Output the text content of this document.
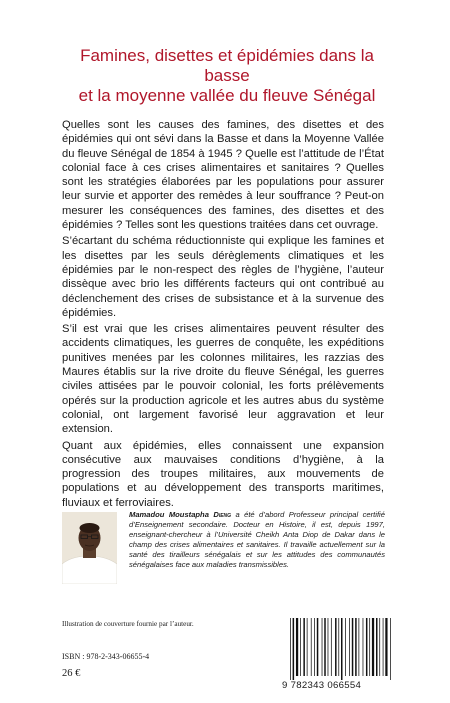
Famines, disettes et épidémies dans la basse
et la moyenne vallée du fleuve Sénégal

Quelles sont les causes des famines, des disettes et des épidémies qui ont sévi dans la Basse et dans la Moyenne Vallée du fleuve Sénégal de 1854 à 1945 ? Quelle est l’attitude de l’État colonial face à ces crises alimentaires et sanitaires ? Quelles sont les stratégies élaborées par les populations pour assurer leur survie et apporter des remèdes à leur souffrance ? Peut-on mesurer les conséquences des famines, des disettes et des épidémies ? Telles sont les questions traitées dans cet ouvrage.

S’écartant du schéma réductionniste qui explique les famines et les disettes par les seuls dérèglements climatiques et les épidémies par le non-respect des règles de l’hygiène, l’auteur dissèque avec brio les différents facteurs qui ont contribué au déclenchement des crises de subsistance et à la survenue des épidémies.

S’il est vrai que les crises alimentaires peuvent résulter des accidents climatiques, les guerres de conquête, les expéditions punitives menées par les colonnes militaires, les razzias des Maures établis sur la rive droite du fleuve Sénégal, les guerres civiles attisées par le pouvoir colonial, les forts prélèvements opérés sur la production agricole et les autres abus du système colonial, ont largement favorisé leur aggravation et leur extension.

Quant aux épidémies, elles connaissent une expansion consécutive aux mauvaises conditions d’hygiène, à la progression des troupes militaires, aux mouvements de populations et au développement des transports maritimes, fluviaux et ferroviaires.

Mamadou Moustapha Dieng a été d’abord Professeur principal certifié d’Enseignement secondaire. Docteur en Histoire, il est, depuis 1997, enseignant-chercheur à l’Université Cheikh Anta Diop de Dakar dans le champ des crises alimentaires et sanitaires. Il travaille actuellement sur la santé des tirailleurs sénégalais et sur les attitudes des communautés sénégalaises face aux maladies transmissibles.
Illustration de couverture fournie par l’auteur.
ISBN : 978-2-343-06655-4
26 €
9 782343 066554
